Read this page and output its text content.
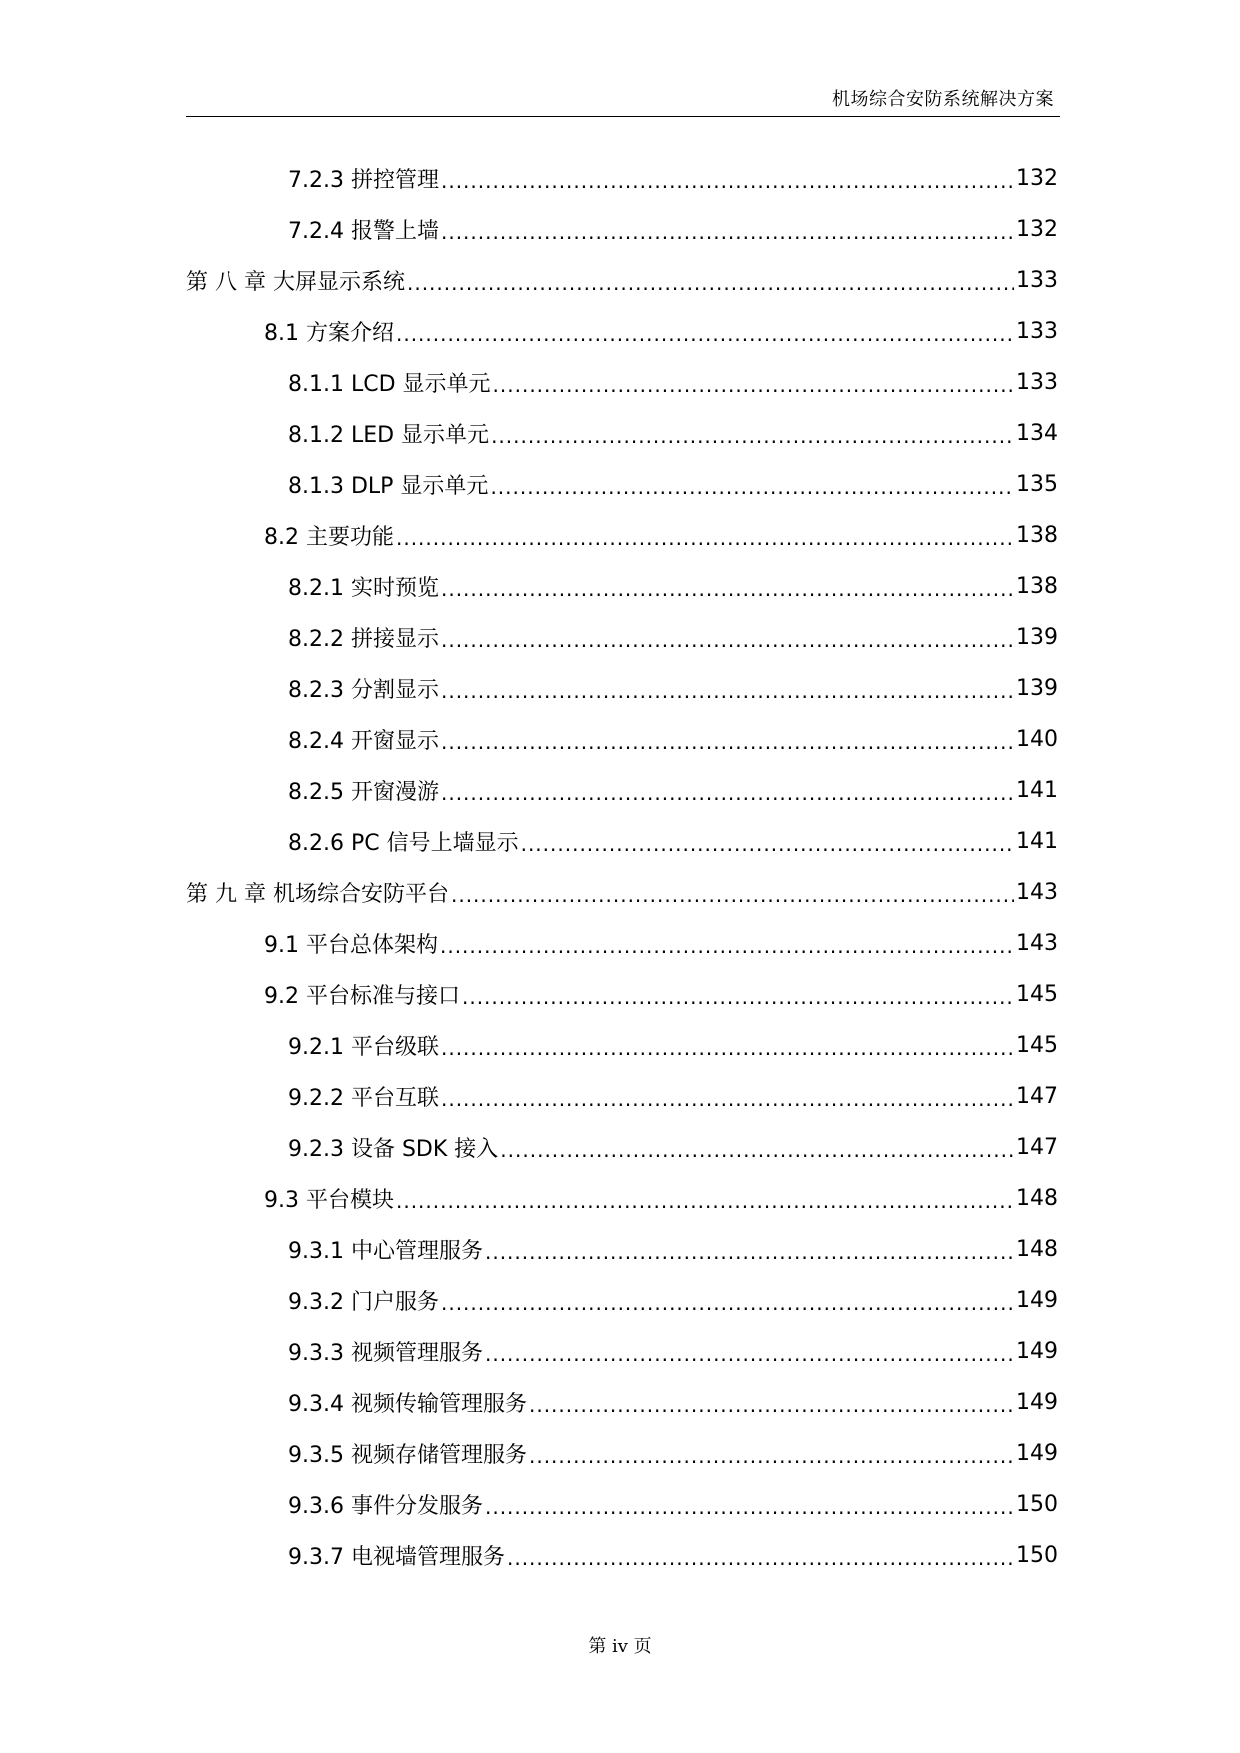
机场综合安防系统解决方案
7.2.3 拼控管理 .....	132
7.2.4 报警上墙 .....	132
第 八 章 大屏显示系统 .....	133
8.1 方案介绍 .....	133
8.1.1 LCD 显示单元 .....	133
8.1.2 LED 显示单元 .....	134
8.1.3 DLP 显示单元 .....	135
8.2 主要功能 .....	138
8.2.1 实时预览 .....	138
8.2.2 拼接显示 .....	139
8.2.3 分割显示 .....	139
8.2.4 开窗显示 .....	140
8.2.5 开窗漫游 .....	141
8.2.6 PC 信号上墙显示 .....	141
第 九 章 机场综合安防平台 .....	143
9.1 平台总体架构 .....	143
9.2 平台标准与接口 .....	145
9.2.1 平台级联 .....	145
9.2.2 平台互联 .....	147
9.2.3 设备 SDK 接入 .....	147
9.3 平台模块 .....	148
9.3.1 中心管理服务 .....	148
9.3.2 门户服务 .....	149
9.3.3 视频管理服务 .....	149
9.3.4 视频传输管理服务 .....	149
9.3.5 视频存储管理服务 .....	149
9.3.6 事件分发服务 .....	150
9.3.7 电视墙管理服务 .....	150
第 iv 页
